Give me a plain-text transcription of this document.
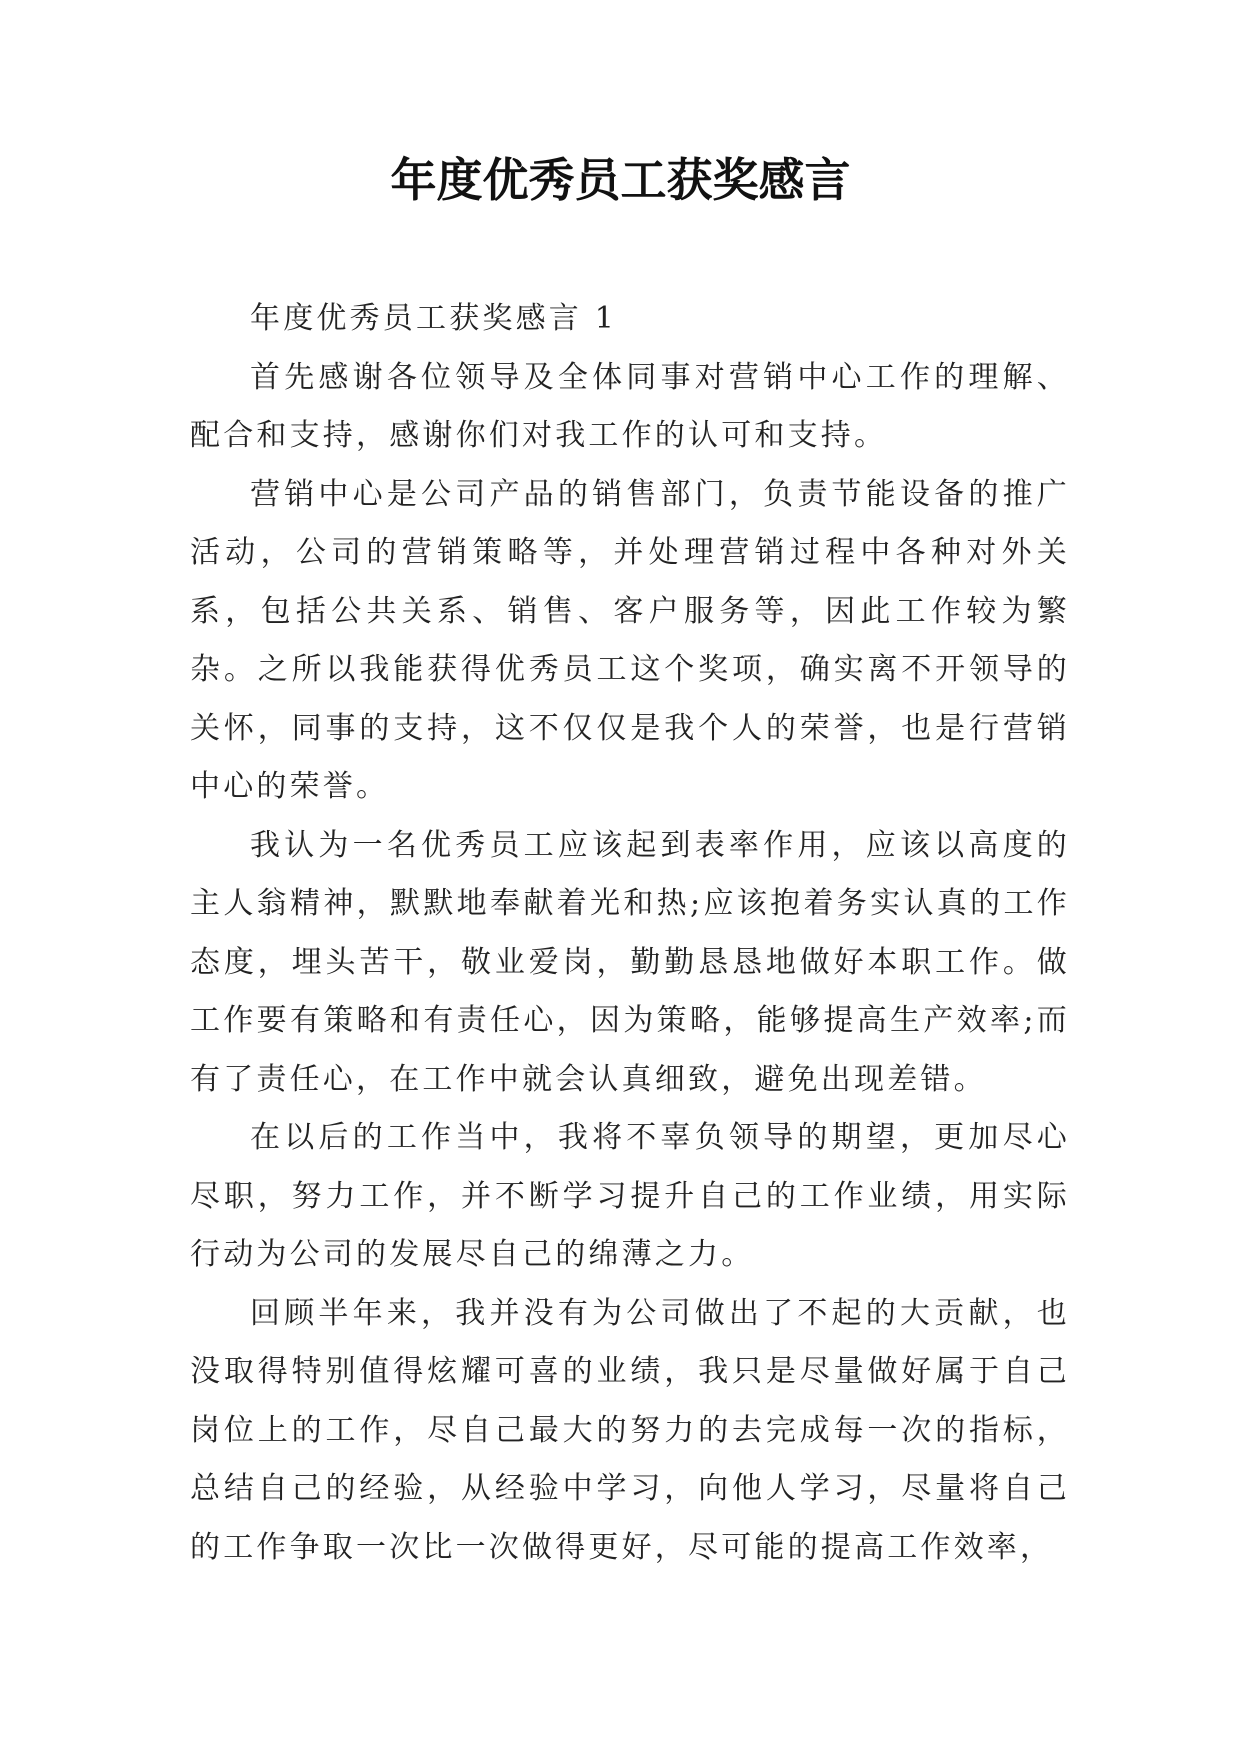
年度优秀员工获奖感言

年度优秀员工获奖感言 1

首先感谢各位领导及全体同事对营销中心工作的理解、配合和支持，感谢你们对我工作的认可和支持。

营销中心是公司产品的销售部门，负责节能设备的推广活动，公司的营销策略等，并处理营销过程中各种对外关系，包括公共关系、销售、客户服务等，因此工作较为繁杂。之所以我能获得优秀员工这个奖项，确实离不开领导的关怀，同事的支持，这不仅仅是我个人的荣誉，也是行营销中心的荣誉。

我认为一名优秀员工应该起到表率作用，应该以高度的主人翁精神，默默地奉献着光和热;应该抱着务实认真的工作态度，埋头苦干，敬业爱岗，勤勤恳恳地做好本职工作。做工作要有策略和有责任心，因为策略，能够提高生产效率;而有了责任心，在工作中就会认真细致，避免出现差错。

在以后的工作当中，我将不辜负领导的期望，更加尽心尽职，努力工作，并不断学习提升自己的工作业绩，用实际行动为公司的发展尽自己的绵薄之力。

回顾半年来，我并没有为公司做出了不起的大贡献，也没取得特别值得炫耀可喜的业绩，我只是尽量做好属于自己岗位上的工作，尽自己最大的努力的去完成每一次的指标，总结自己的经验，从经验中学习，向他人学习，尽量将自己的工作争取一次比一次做得更好，尽可能的提高工作效率，
